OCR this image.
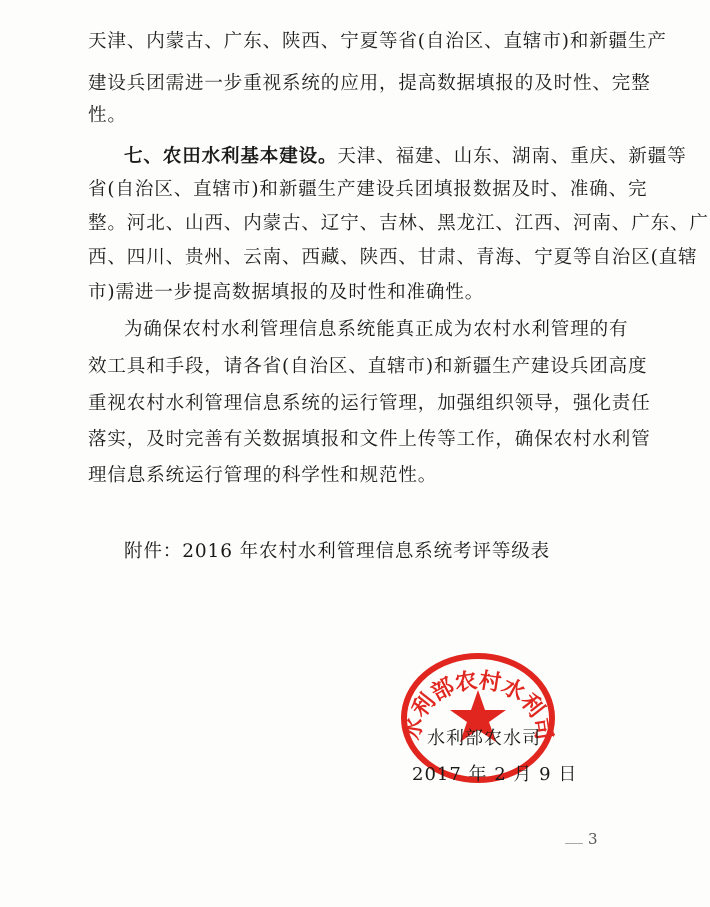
天津、内蒙古、广东、陕西、宁夏等省(自治区、直辖市)和新疆生产
建设兵团需进一步重视系统的应用，提高数据填报的及时性、完整
性。
七、农田水利基本建设。天津、福建、山东、湖南、重庆、新疆等
省(自治区、直辖市)和新疆生产建设兵团填报数据及时、准确、完
整。河北、山西、内蒙古、辽宁、吉林、黑龙江、江西、河南、广东、广
西、四川、贵州、云南、西藏、陕西、甘肃、青海、宁夏等自治区(直辖
市)需进一步提高数据填报的及时性和准确性。
为确保农村水利管理信息系统能真正成为农村水利管理的有
效工具和手段，请各省(自治区、直辖市)和新疆生产建设兵团高度
重视农村水利管理信息系统的运行管理，加强组织领导，强化责任
落实，及时完善有关数据填报和文件上传等工作，确保农村水利管
理信息系统运行管理的科学性和规范性。
附件：2016 年农村水利管理信息系统考评等级表
水利部农村水利司
水利部农水司
2017 年 2 月 9 日
3
